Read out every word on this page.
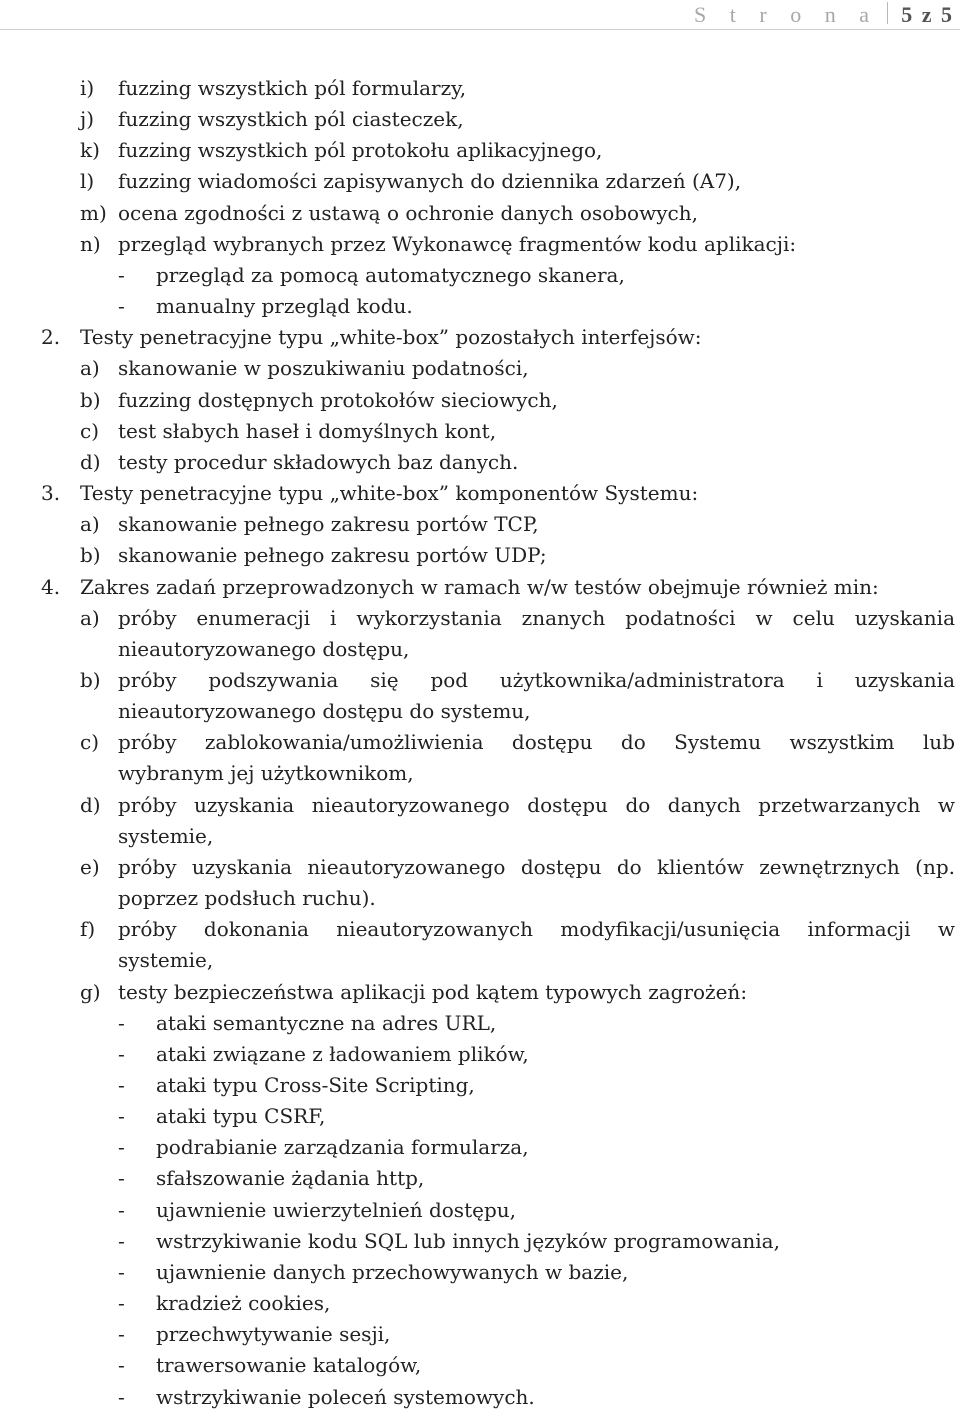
S t r o n a 5 z 5
i) fuzzing wszystkich pól formularzy,
j) fuzzing wszystkich pól ciasteczek,
k) fuzzing wszystkich pól protokołu aplikacyjnego,
l) fuzzing wiadomości zapisywanych do dziennika zdarzeń (A7),
m) ocena zgodności z ustawą o ochronie danych osobowych,
n) przegląd wybranych przez Wykonawcę fragmentów kodu aplikacji:
- przegląd za pomocą automatycznego skanera,
- manualny przegląd kodu.
2. Testy penetracyjne typu „white-box” pozostałych interfejsów:
a) skanowanie w poszukiwaniu podatności,
b) fuzzing dostępnych protokołów sieciowych,
c) test słabych haseł i domyślnych kont,
d) testy procedur składowych baz danych.
3. Testy penetracyjne typu „white-box” komponentów Systemu:
a) skanowanie pełnego zakresu portów TCP,
b) skanowanie pełnego zakresu portów UDP;
4. Zakres zadań przeprowadzonych w ramach w/w testów obejmuje również min:
a) próby enumeracji i wykorzystania znanych podatności w celu uzyskania
nieautoryzowanego dostępu,
b) próby podszywania się pod użytkownika/administratora i uzyskania
nieautoryzowanego dostępu do systemu,
c) próby zablokowania/umożliwienia dostępu do Systemu wszystkim lub
wybranym jej użytkownikom,
d) próby uzyskania nieautoryzowanego dostępu do danych przetwarzanych w
systemie,
e) próby uzyskania nieautoryzowanego dostępu do klientów zewnętrznych (np.
poprzez podsłuch ruchu).
f) próby dokonania nieautoryzowanych modyfikacji/usunięcia informacji w
systemie,
g) testy bezpieczeństwa aplikacji pod kątem typowych zagrożeń:
- ataki semantyczne na adres URL,
- ataki związane z ładowaniem plików,
- ataki typu Cross-Site Scripting,
- ataki typu CSRF,
- podrabianie zarządzania formularza,
- sfałszowanie żądania http,
- ujawnienie uwierzytelnień dostępu,
- wstrzykiwanie kodu SQL lub innych języków programowania,
- ujawnienie danych przechowywanych w bazie,
- kradzież cookies,
- przechwytywanie sesji,
- trawersowanie katalogów,
- wstrzykiwanie poleceń systemowych.
